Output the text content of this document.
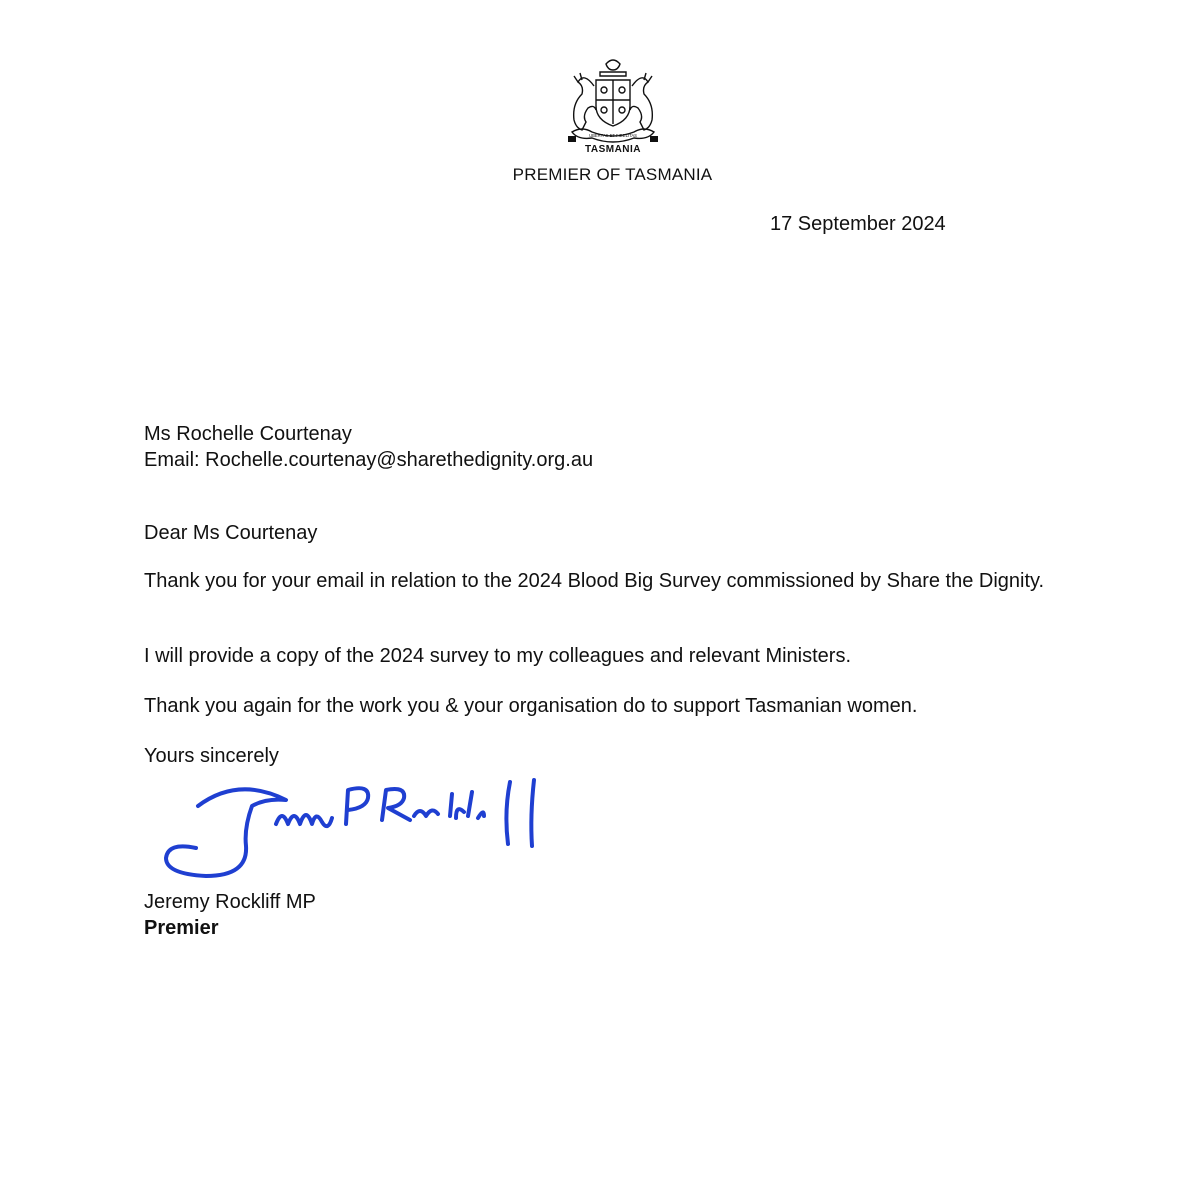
UBERTAS ET FIDELITAS
TASMANIA
PREMIER OF TASMANIA
17 September 2024
Ms Rochelle Courtenay
Email: Rochelle.courtenay@sharethedignity.org.au
Dear Ms Courtenay
Thank you for your email in relation to the 2024 Blood Big Survey commissioned by Share the Dignity.
I will provide a copy of the 2024 survey to my colleagues and relevant Ministers.
Thank you again for the work you & your organisation do to support Tasmanian women.
Yours sincerely
Jeremy Rockliff MP
Premier
